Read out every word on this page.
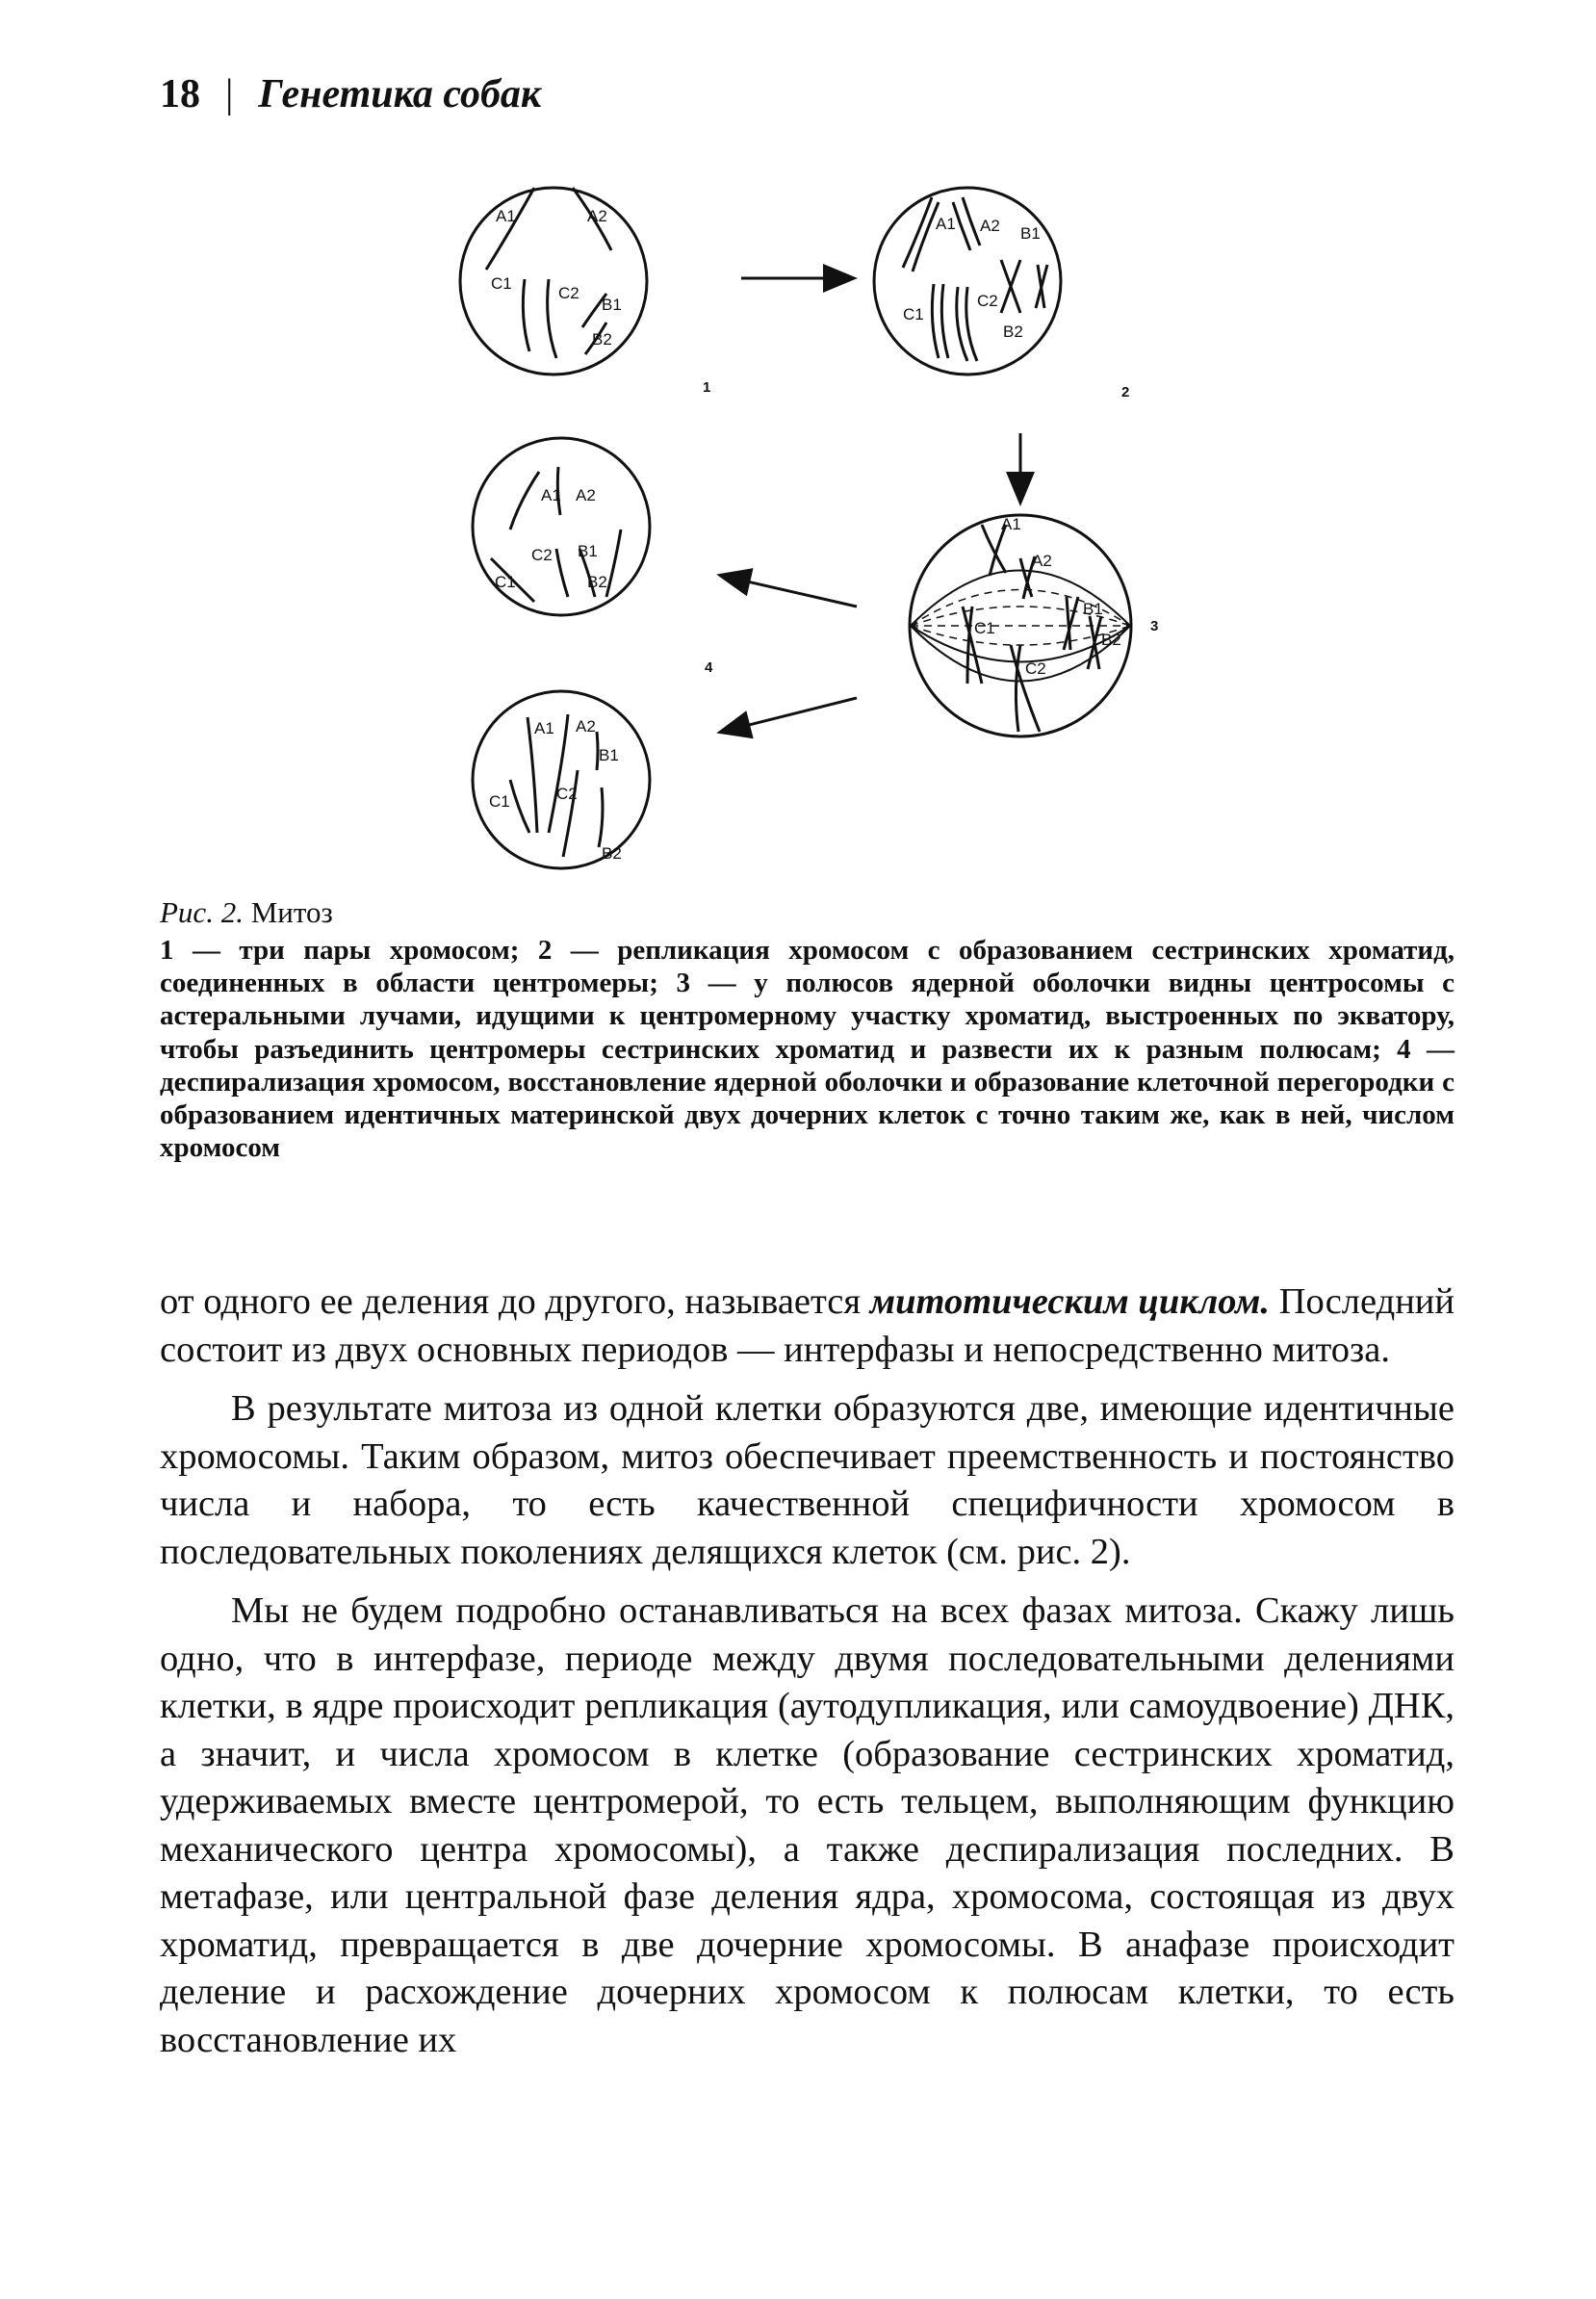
18 | Генетика собак
A1	A2
C1
C2
B1
B2
1
A1 A2 B1
C1
C2
B2
2
A1
A2
B1
C1
C2
B2
3
A1 A2
C2 B1
C1	B2
4
A1 A2
B1
C1	C2
B2
Рис. 2. Митоз

1 — три пары хромосом; 2 — репликация хромосом с образованием сестринских хроматид, соединенных в области центромеры; 3 — у полюсов ядерной оболочки видны центросомы с астеральными лучами, идущими к центромерному участку хроматид, выстроенных по экватору, чтобы разъединить центромеры сестринских хроматид и развести их к разным полюсам; 4 — деспирализация хромосом, восстановление ядерной оболочки и образование клеточной перегородки с образованием идентичных материнской двух дочерних клеток с точно таким же, как в ней, числом хромосом

от одного ее деления до другого, называется митотическим циклом. Последний состоит из двух основных периодов — интерфазы и непосредственно митоза.

В результате митоза из одной клетки образуются две, имеющие идентичные хромосомы. Таким образом, митоз обеспечивает преемственность и постоянство числа и набора, то есть качественной специфичности хромосом в последовательных поколениях делящихся клеток (см. рис. 2).

Мы не будем подробно останавливаться на всех фазах митоза. Скажу лишь одно, что в интерфазе, периоде между двумя последовательными делениями клетки, в ядре происходит репликация (аутодупликация, или самоудвоение) ДНК, а значит, и числа хромосом в клетке (образование сестринских хроматид, удерживаемых вместе центромерой, то есть тельцем, выполняющим функцию механического центра хромосомы), а также деспирализация последних. В метафазе, или центральной фазе деления ядра, хромосома, состоящая из двух хроматид, превращается в две дочерние хромосомы. В анафазе происходит деление и расхождение дочерних хромосом к полюсам клетки, то есть восстановление их
